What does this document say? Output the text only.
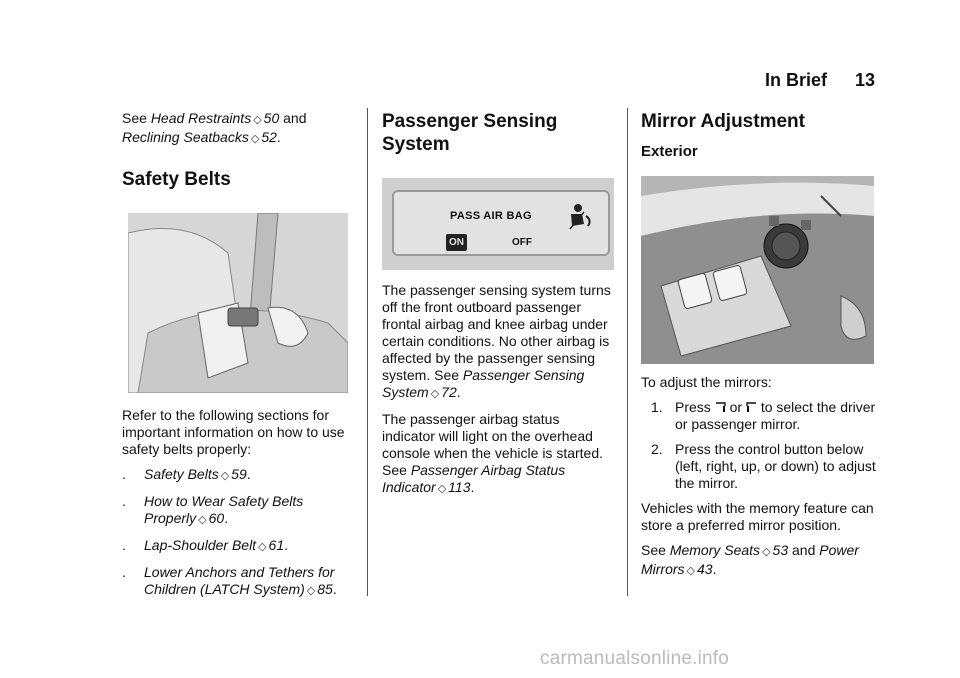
In Brief 13

See Head Restraints ◇ 50 and
Reclining Seatbacks ◇ 52.

Safety Belts

Refer to the following sections for important information on how to use safety belts properly:

.	Safety Belts ◇ 59.
.	How to Wear Safety Belts Properly ◇ 60.
.	Lap-Shoulder Belt ◇ 61.
.	Lower Anchors and Tethers for Children (LATCH System) ◇ 85.
Passenger Sensing System
PASS AIR BAG
ON	OFF

The passenger sensing system turns off the front outboard passenger frontal airbag and knee airbag under certain conditions. No other airbag is affected by the passenger sensing system. See Passenger Sensing System ◇ 72.

The passenger airbag status indicator will light on the overhead console when the vehicle is started. See Passenger Airbag Status Indicator ◇ 113.

Mirror Adjustment
Exterior

To adjust the mirrors:

1. Press or to select the driver or passenger mirror.
2. Press the control button below (left, right, up, or down) to adjust the mirror.

Vehicles with the memory feature can store a preferred mirror position.

See Memory Seats ◇ 53 and Power Mirrors ◇ 43.

carmanualsonline.info
